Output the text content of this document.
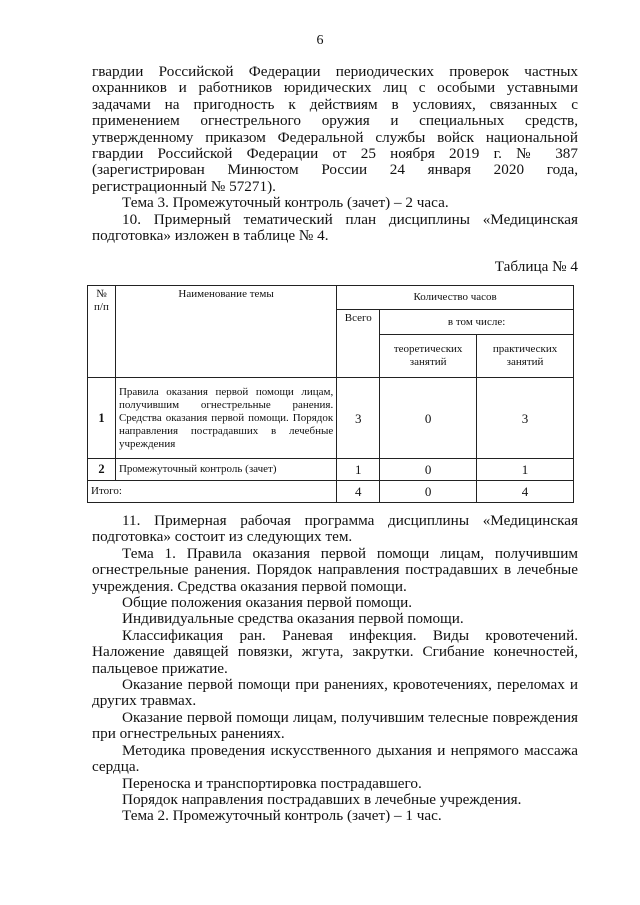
6

гвардии Российской Федерации периодических проверок частных охранников и работников юридических лиц с особыми уставными задачами на пригодность к действиям в условиях, связанных с применением огнестрельного оружия и специальных средств, утвержденному приказом Федеральной службы войск национальной гвардии Российской Федерации от 25 ноября 2019 г. № 387 (зарегистрирован Минюстом России 24 января 2020 года, регистрационный № 57271).

Тема 3. Промежуточный контроль (зачет) – 2 часа.

10. Примерный тематический план дисциплины «Медицинская подготовка» изложен в таблице № 4.

Таблица № 4
№ п/п	Наименование темы	Количество часов		
		Всего	в том числе:	
			теоретических занятий	практических занятий
1	Правила оказания первой помощи лицам, получившим огнестрельные ранения. Средства оказания первой помощи. Порядок направления пострадавших в лечебные учреждения	3	0	3
2	Промежуточный контроль (зачет)	1	0	1
Итого:		4	0	4

11. Примерная рабочая программа дисциплины «Медицинская подготовка» состоит из следующих тем.

Тема 1. Правила оказания первой помощи лицам, получившим огнестрельные ранения. Порядок направления пострадавших в лечебные учреждения. Средства оказания первой помощи.

Общие положения оказания первой помощи.

Индивидуальные средства оказания первой помощи.

Классификация ран. Раневая инфекция. Виды кровотечений. Наложение давящей повязки, жгута, закрутки. Сгибание конечностей, пальцевое прижатие.

Оказание первой помощи при ранениях, кровотечениях, переломах и других травмах.

Оказание первой помощи лицам, получившим телесные повреждения при огнестрельных ранениях.

Методика проведения искусственного дыхания и непрямого массажа сердца.

Переноска и транспортировка пострадавшего.

Порядок направления пострадавших в лечебные учреждения.

Тема 2. Промежуточный контроль (зачет) – 1 час.
